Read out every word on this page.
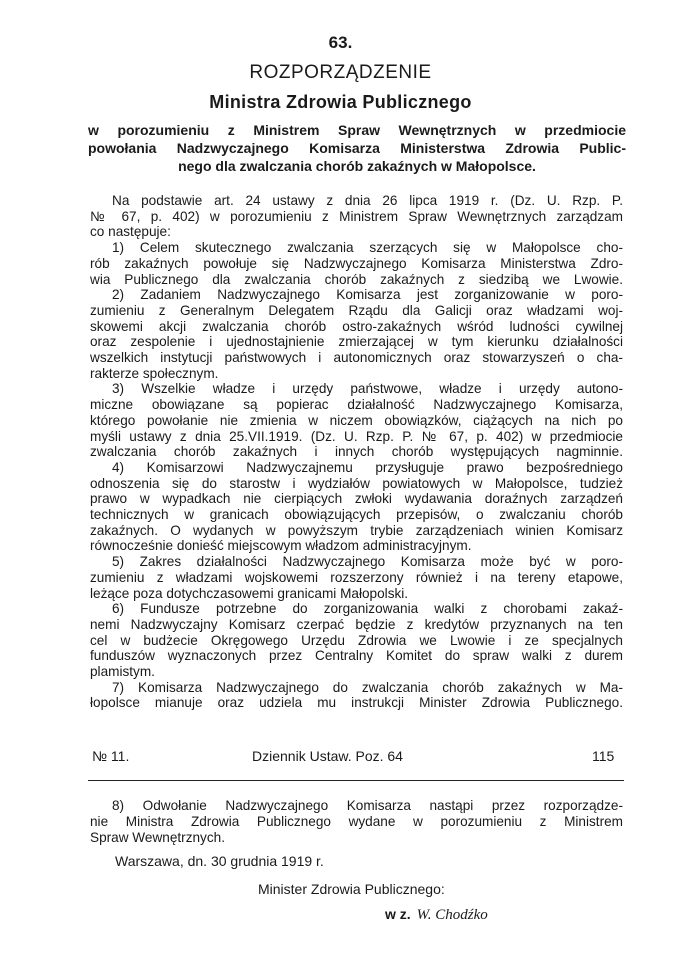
63.
ROZPORZĄDZENIE
Ministra Zdrowia Publicznego
w porozumieniu z Ministrem Spraw Wewnętrznych w przedmiocie
powołania Nadzwyczajnego Komisarza Ministerstwa Zdrowia Public-
nego dla zwalczania chorób zakaźnych w Małopolsce.
Na podstawie art. 24 ustawy z dnia 26 lipca 1919 r. (Dz. U. Rzp. P.
№ 67, p. 402) w porozumieniu z Ministrem Spraw Wewnętrznych zarządzam
co następuje:
1) Celem skutecznego zwalczania szerzących się w Małopolsce cho-
rób zakaźnych powołuje się Nadzwyczajnego Komisarza Ministerstwa Zdro-
wia Publicznego dla zwalczania chorób zakaźnych z siedzibą we Lwowie.
2) Zadaniem Nadzwyczajnego Komisarza jest zorganizowanie w poro-
zumieniu z Generalnym Delegatem Rządu dla Galicji oraz władzami woj-
skowemi akcji zwalczania chorób ostro-zakaźnych wśród ludności cywilnej
oraz zespolenie i ujednostajnienie zmierzającej w tym kierunku działalności
wszelkich instytucji państwowych i autonomicznych oraz stowarzyszeń o cha-
rakterze społecznym.
3) Wszelkie władze i urzędy państwowe, władze i urzędy autono-
miczne obowiązane są popierac działalność Nadzwyczajnego Komisarza,
którego powołanie nie zmienia w niczem obowiązków, ciążących na nich po
myśli ustawy z dnia 25.VII.1919. (Dz. U. Rzp. P. № 67, p. 402) w przedmiocie
zwalczania chorób zakaźnych i innych chorób występujących nagminnie.
4) Komisarzowi Nadzwyczajnemu przysługuje prawo bezpośredniego
odnoszenia się do starostw i wydziałów powiatowych w Małopolsce, tudzież
prawo w wypadkach nie cierpiących zwłoki wydawania doraźnych zarządzeń
technicznych w granicach obowiązujących przepisów, o zwalczaniu chorób
zakaźnych. O wydanych w powyższym trybie zarządzeniach winien Komisarz
równocześnie donieść miejscowym władzom administracyjnym.
5) Zakres działalności Nadzwyczajnego Komisarza może być w poro-
zumieniu z władzami wojskowemi rozszerzony również i na tereny etapowe,
leżące poza dotychczasowemi granicami Małopolski.
6) Fundusze potrzebne do zorganizowania walki z chorobami zakaź-
nemi Nadzwyczajny Komisarz czerpać będzie z kredytów przyznanych na ten
cel w budżecie Okręgowego Urzędu Zdrowia we Lwowie i ze specjalnych
funduszów wyznaczonych przez Centralny Komitet do spraw walki z durem
plamistym.
7) Komisarza Nadzwyczajnego do zwalczania chorób zakaźnych w Ma-
łopolsce mianuje oraz udziela mu instrukcji Minister Zdrowia Publicznego.
№ 11.	Dziennik Ustaw. Poz. 64	115
8) Odwołanie Nadzwyczajnego Komisarza nastąpi przez rozporządze-
nie Ministra Zdrowia Publicznego wydane w porozumieniu z Ministrem
Spraw Wewnętrznych.
Warszawa, dn. 30 grudnia 1919 r.
Minister Zdrowia Publicznego:
w z. W. Chodźko
